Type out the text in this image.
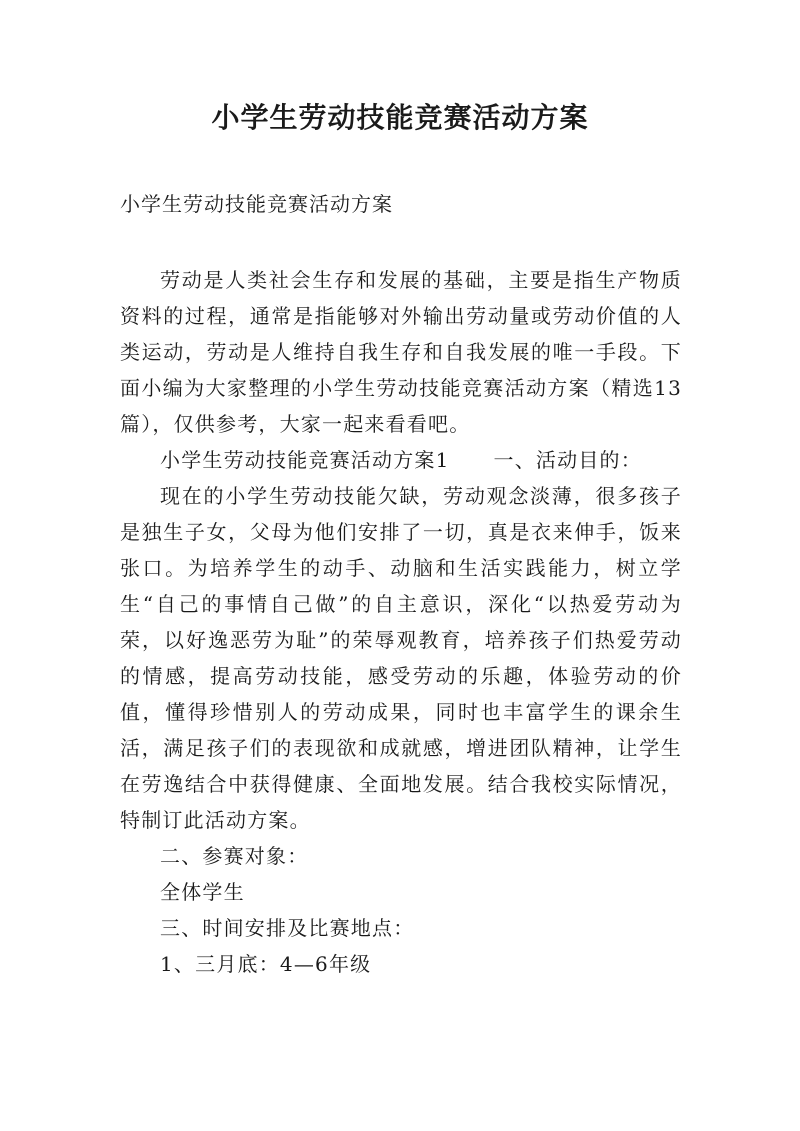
小学生劳动技能竞赛活动方案

小学生劳动技能竞赛活动方案

劳动是人类社会生存和发展的基础，主要是指生产物质资料的过程，通常是指能够对外输出劳动量或劳动价值的人类运动，劳动是人维持自我生存和自我发展的唯一手段。下面小编为大家整理的小学生劳动技能竞赛活动方案（精选13篇），仅供参考，大家一起来看看吧。

小学生劳动技能竞赛活动方案1 一、活动目的：

现在的小学生劳动技能欠缺，劳动观念淡薄，很多孩子是独生子女，父母为他们安排了一切，真是衣来伸手，饭来张口。为培养学生的动手、动脑和生活实践能力，树立学生“自己的事情自己做”的自主意识，深化“以热爱劳动为荣，以好逸恶劳为耻”的荣辱观教育，培养孩子们热爱劳动的情感，提高劳动技能，感受劳动的乐趣，体验劳动的价值，懂得珍惜别人的劳动成果，同时也丰富学生的课余生活，满足孩子们的表现欲和成就感，增进团队精神，让学生在劳逸结合中获得健康、全面地发展。结合我校实际情况，特制订此活动方案。

二、参赛对象：

全体学生

三、时间安排及比赛地点：

1、三月底：4—6年级
